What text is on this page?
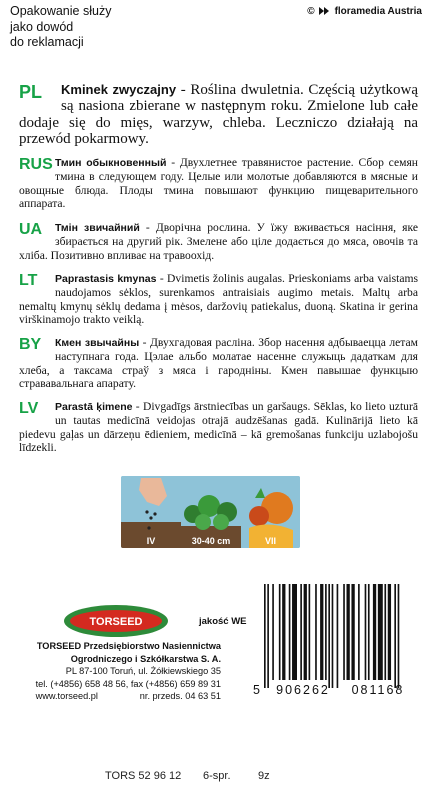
Opakowanie służy
jako dowód
do reklamacji
© floramedia Austria

PL	Kminek zwyczajny - Roślina dwuletnia. Częścią użytkową są nasiona zbierane w następnym roku. Zmielone lub całe dodaje się do mięs, warzyw, chleba. Leczniczo działają na przewód pokarmowy.

RUS Тмин обыкновенный - Двухлетнее травянистое растение. Сбор семян тмина в следующем году. Целые или молотые добавляются в мясные и овощные блюда. Плоды тмина повышают функцию пищеварительного аппарата.

UA	Тмін звичайний - Дворічна рослина. У їжу вживається насіння, яке збирається на другий рік. Змелене або ціле додається до мяса, овочів та хліба. Позитивно впливає на травоохід.

LT	Paprastasis kmynas - Dvimetis žolinis augalas. Prieskoniams arba vaistams naudojamos sėklos, surenkamos antraisiais augimo metais. Maltų arba nemaltų kmynų sėklų dedama į mėsos, daržovių patiekalus, duoną. Skatina ir gerina virškinamojo trakto veiklą.

BY	Кмен звычайны - Двухгадовая расліна. Збор насення адбываецца летам наступнага года. Цэлае альбо молатае насенне служыць дадаткам для хлеба, а таксама страў з мяса і гароднiны. Кмен павышае функцыю стрававальнага апарату.

LV	Parastā ķimene - Divgadīgs ārstniecības un garšaugs. Sēklas, ko lieto uzturā un tautas medicīnā veidojas otrajā audzēšanas gadā. Kulinārijā lieto kā piedevu gaļas un dārzeņu ēdieniem, medicīnā – kā gremošanas funkciju uzlabojošu līdzekli.

IV	30-40 cm	VII
TORSEED	jakość WE
TORSEED Przedsiębiorstwo Nasiennictwa
Ogrodniczego i Szkółkarstwa S. A.
PL 87-100 Toruń, ul. Żółkiewskiego 35
tel. (+4856) 658 48 56, fax (+4856) 659 89 31
www.torseed.pl	nr. przeds. 04 63 51	5 906262 081168
TORS 52 96 12 6-spr. 9z
